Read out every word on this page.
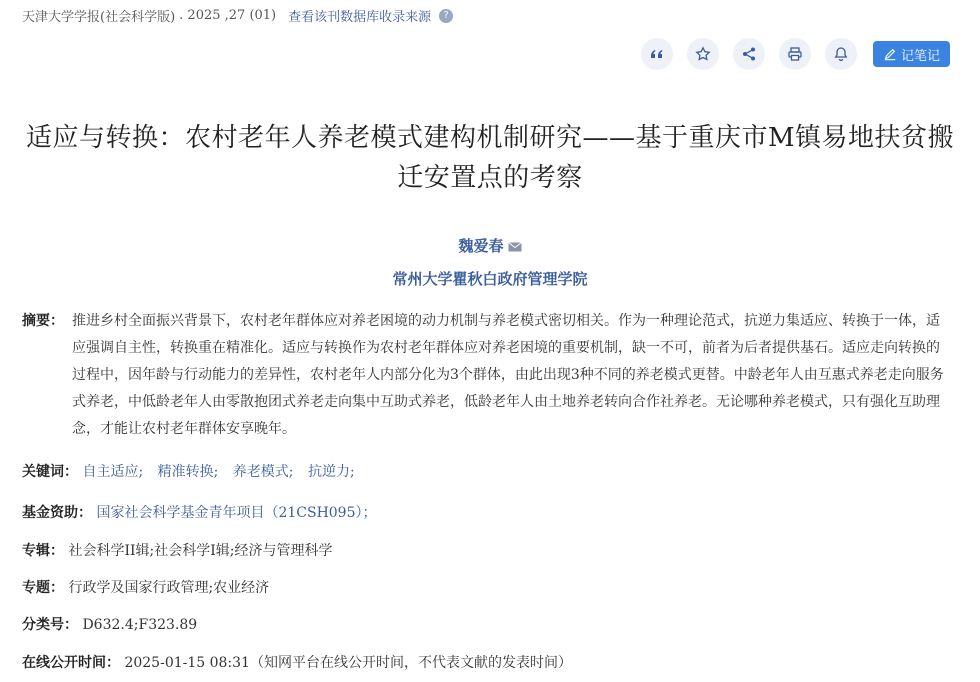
天津大学学报(社会科学版) . 2025 ,27 (01) 查看该刊数据库收录来源	?
记笔记
适应与转换：农村老年人养老模式建构机制研究——基于重庆市M镇易地扶贫搬迁安置点的考察
魏爱春
常州大学瞿秋白政府管理学院
摘要： 推进乡村全面振兴背景下，农村老年群体应对养老困境的动力机制与养老模式密切相关。作为一种理论范式，抗逆力集适应、转换于一体，适应强调自主性，转换重在精准化。适应与转换作为农村老年群体应对养老困境的重要机制，缺一不可，前者为后者提供基石。适应走向转换的过程中，因年龄与行动能力的差异性，农村老年人内部分化为3个群体，由此出现3种不同的养老模式更替。中龄老年人由互惠式养老走向服务式养老，中低龄老年人由零散抱团式养老走向集中互助式养老，低龄老年人由土地养老转向合作社养老。无论哪种养老模式，只有强化互助理念，才能让农村老年群体安享晚年。
关键词： 自主适应; 精准转换; 养老模式; 抗逆力;
基金资助： 国家社会科学基金青年项目（21CSH095）；
专辑： 社会科学II辑;社会科学I辑;经济与管理科学
专题： 行政学及国家行政管理;农业经济
分类号： D632.4;F323.89
在线公开时间： 2025-01-15 08:31（知网平台在线公开时间，不代表文献的发表时间）
